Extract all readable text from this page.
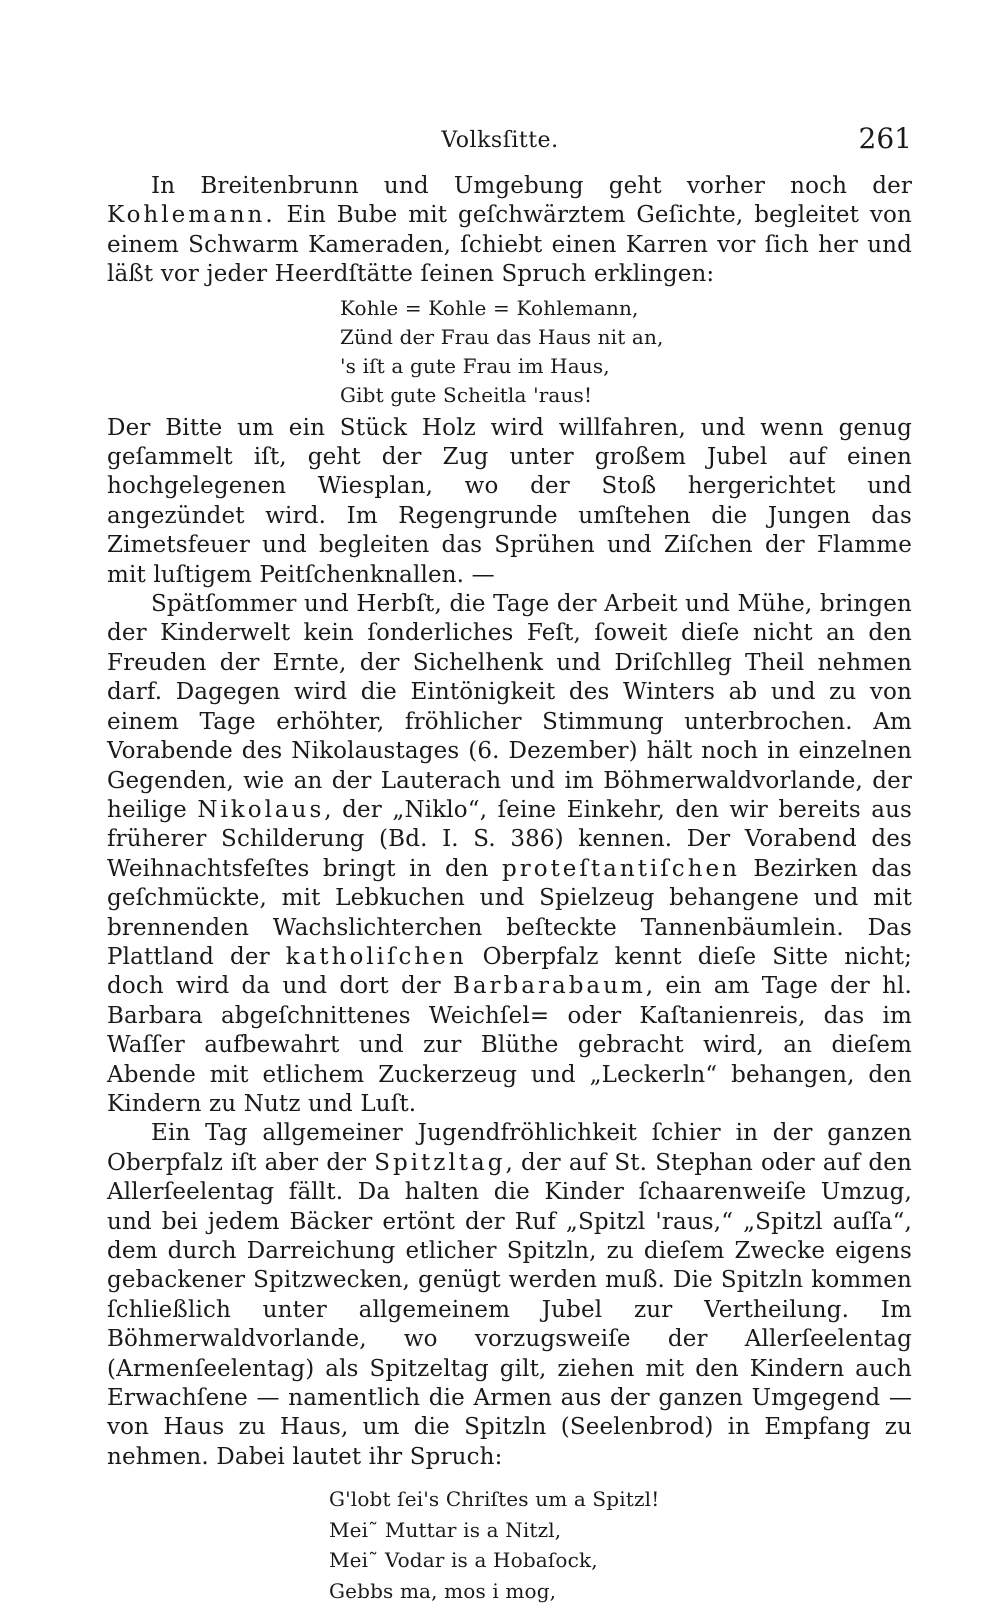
Volksſitte.	261

In Breitenbrunn und Umgebung geht vorher noch der Kohlemann. Ein Bube mit geſchwärztem Geſichte, begleitet von einem Schwarm Kameraden, ſchiebt einen Karren vor ſich her und läßt vor jeder Heerdſtätte ſeinen Spruch erklingen:

Kohle = Kohle = Kohlemann,
Zünd der Frau das Haus nit an,
's iſt a gute Frau im Haus,
Gibt gute Scheitla 'raus!

Der Bitte um ein Stück Holz wird willfahren, und wenn genug geſammelt iſt, geht der Zug unter großem Jubel auf einen hochgelegenen Wiesplan, wo der Stoß hergerichtet und angezündet wird. Im Regengrunde umſtehen die Jungen das Zimetsfeuer und begleiten das Sprühen und Ziſchen der Flamme mit luſtigem Peitſchenknallen. —

Spätſommer und Herbſt, die Tage der Arbeit und Mühe, bringen der Kinderwelt kein ſonderliches Feſt, ſoweit dieſe nicht an den Freuden der Ernte, der Sichelhenk und Driſchlleg Theil nehmen darf. Dagegen wird die Eintönigkeit des Winters ab und zu von einem Tage erhöhter, fröhlicher Stimmung unterbrochen. Am Vorabende des Nikolaustages (6. Dezember) hält noch in einzelnen Gegenden, wie an der Lauterach und im Böhmerwaldvorlande, der heilige Nikolaus, der „Niklo“, ſeine Einkehr, den wir bereits aus früherer Schilderung (Bd. I. S. 386) kennen. Der Vorabend des Weihnachtsfeſtes bringt in den proteſtantiſchen Bezirken das geſchmückte, mit Lebkuchen und Spielzeug behangene und mit brennenden Wachslichterchen beſteckte Tannenbäumlein. Das Plattland der katholiſchen Oberpfalz kennt dieſe Sitte nicht; doch wird da und dort der Barbarabaum, ein am Tage der hl. Barbara abgeſchnittenes Weichſel= oder Kaſtanienreis, das im Waſſer aufbewahrt und zur Blüthe gebracht wird, an dieſem Abende mit etlichem Zuckerzeug und „Leckerln“ behangen, den Kindern zu Nutz und Luſt.

Ein Tag allgemeiner Jugendfröhlichkeit ſchier in der ganzen Oberpfalz iſt aber der Spitzltag, der auf St. Stephan oder auf den Allerſeelentag fällt. Da halten die Kinder ſchaarenweiſe Umzug, und bei jedem Bäcker ertönt der Ruf „Spitzl 'raus,“ „Spitzl auſſa“, dem durch Darreichung etlicher Spitzln, zu dieſem Zwecke eigens gebackener Spitzwecken, genügt werden muß. Die Spitzln kommen ſchließlich unter allgemeinem Jubel zur Vertheilung. Im Böhmerwaldvorlande, wo vorzugsweiſe der Allerſeelentag (Armenſeelentag) als Spitzeltag gilt, ziehen mit den Kindern auch Erwachſene — namentlich die Armen aus der ganzen Umgegend — von Haus zu Haus, um die Spitzln (Seelenbrod) in Empfang zu nehmen. Dabei lautet ihr Spruch:

G'lobt ſei's Chriſtes um a Spitzl!
Mei˜ Muttar is a Nitzl,
Mei˜ Vodar is a Hobaſock,
Gebbs ma, mos i mog,
